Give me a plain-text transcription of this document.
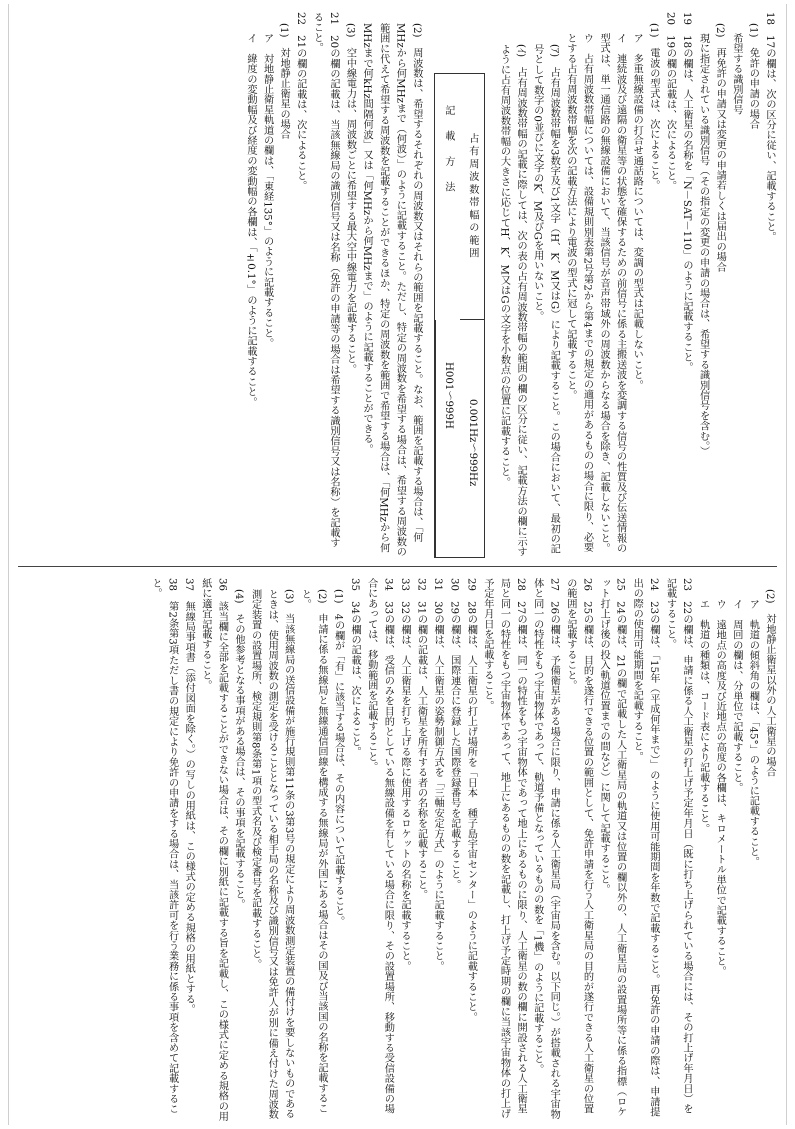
18　17の欄は、次の区分に従い、記載すること。

(1)　免許の申請の場合

希望する識別信号

(2)　再免許の申請又は変更の申請若しくは届出の場合

現に指定されている識別信号（その指定の変更の申請の場合は、希望する識別信号を含む。）

19　18の欄は、人工衛星の名称を「N－SAT－110」のように記載すること。

20　19の欄の記載は、次によること。

(1)　電波の型式は、次によること。

ア　多重無線設備の打合せ通話路については、変調の型式は記載しないこと。

イ　連続波及び遠隔の衛星等の状態を確保するための前信号に係る主搬送波を変調する信号の性質及び伝送情報の型式は、単一通信路の無線設備において、当該信号が音声帯域外の周波数からなる場合を除き、記載しないこと。

ウ　占有周波数帯幅については、設備規則別表第2号第2から第4までの規定の適用があるものの場合に限り、必要とする占有周波数帯幅を次の記載方法により電波の型式に冠して記載すること。

(ｱ)　占有周波数帯幅を3数字及び1文字（H、K、M又はG）により記載すること。この場合において、最初の記号として数字の0並びに文字のK、M及びGを用いないこと。

(ｲ)　占有周波数帯幅の記載に際しては、次の表の占有周波数帯幅の範囲の欄の区分に従い、記載方法の欄に示すように占有周波数帯幅の大きさに応じてH、K、M又はGの文字を小数点の位置に記載すること。

占有周波数帯幅の範囲
記　載　方　法
0.001Hz～999Hz
H001～999H

(2)　周波数は、希望するそれぞれの周波数又はそれらの範囲を記載すること。なお、範囲を記載する場合は、「何MHzから何MHzまで（何波）」のように記載すること。ただし、特定の周波数を希望する場合は、希望する周波数の範囲に代えて希望する周波数を記載することができるほか、特定の周波数を範囲で希望する場合は、「何MHzから何MHzまで何kHz間隔何波」又は「何MHzから何MHzまで」のように記載することができる。

(3)　空中線電力は、周波数ごとに希望する最大空中線電力を記載すること。

21　20の欄の記載は、当該無線局の識別信号又は名称（免許の申請等の場合は希望する識別信号又は名称）を記載すること。

22　21の欄の記載は、次によること。

(1)　対地静止衛星の場合

ア　対地静止衛星軌道の欄は、「東経135°」のように記載すること。

イ　緯度の変動幅及び経度の変動幅の各欄は、「±0.1°」のように記載すること。

(2)　対地静止衛星以外の人工衛星の場合

ア　軌道の傾斜角の欄は、「45°」のように記載すること。

イ　周回の欄は、分単位で記載すること。

ウ　遠地点の高度及び近地点の高度の各欄は、キロメートル単位で記載すること。

エ　軌道の種類は、コード表により記載すること。

23　22の欄は、申請に係る人工衛星の打上げ予定年月日（既に打ち上げられている場合には、その打上げ年月日）を記載すること。

24　23の欄は、「15年（平成何年まで）」のように使用可能期間を年数で記載すること。再免許の申請の際は、申請提出の際の使用可能期間を記載すること。

25　24の欄は、21の欄で記載した人工衛星局の軌道又は位置の欄以外の、人工衛星局の設置場所等に係る指標（ロケット打上げ後の投入軌道位置までの間など）に関して記載すること。

26　25の欄は、目的を遂行できる位置の範囲として、免許申請を行う人工衛星局の目的が遂行できる人工衛星の位置の範囲を記載すること。

27　26の欄は、予備衛星がある場合に限り、申請に係る人工衛星局（宇宙局を含む。以下同じ。）が搭載される宇宙物体と同一の特性をもつ宇宙物体であって、軌道予備となっているものの数を「1機」のように記載すること。

28　27の欄は、同一の特性をもつ宇宙物体であって地上にあるものに限り、人工衛星の数の欄に開設される人工衛星局と同一の特性をもつ宇宙物体であって、地上にあるものの数を記載し、打上げ予定時期の欄に当該宇宙物体の打上げ予定年月日を記載すること。

29　28の欄は、人工衛星の打上げ場所を「日本　種子島宇宙センター」のように記載すること。

30　29の欄は、国際連合に登録した国際登録番号を記載すること。

31　30の欄は、人工衛星の姿勢制御方式を「三軸安定方式」のように記載すること。

32　31の欄の記載は、人工衛星を所有する者の名称を記載すること。

33　32の欄は、人工衛星を打ち上げる際に使用するロケットの名称を記載すること。

34　33の欄は、受信のみを目的としている無線設備を有している場合に限り、その設置場所、移動する受信設備の場合にあっては、移動範囲を記載すること。

35　34の欄の記載は、次によること。

(1)　4の欄が「有」に該当する場合は、その内容について記載すること。

(2)　申請に係る無線局と無線通信回線を構成する無線局が外国にある場合はその国及び当該国の名称を記載すること。

(3)　当該無線局の送信設備が施行規則第11条の3第3号の規定により周波数測定装置の備付けを要しないものであるときは、使用周波数の測定を受けることとなっている相手局の名称及び識別信号又は免許人が別に備え付けた周波数測定装置の設置場所、検定規則第8条第1項の型式名及び検定番号を記載すること。

(4)　その他参考となる事項がある場合は、その事項を記載すること。

36　該当欄に全部を記載することができない場合は、その欄に別紙に記載する旨を記載し、この様式に定める規格の用紙に適宜記載すること。

37　無線局事項書（添付図面を除く。）の写しの用紙は、この様式の定める規格の用紙とする。

38　第2条第3項ただし書の規定により免許の申請をする場合は、当該許可を行う業務に係る事項を含めて記載すること。
